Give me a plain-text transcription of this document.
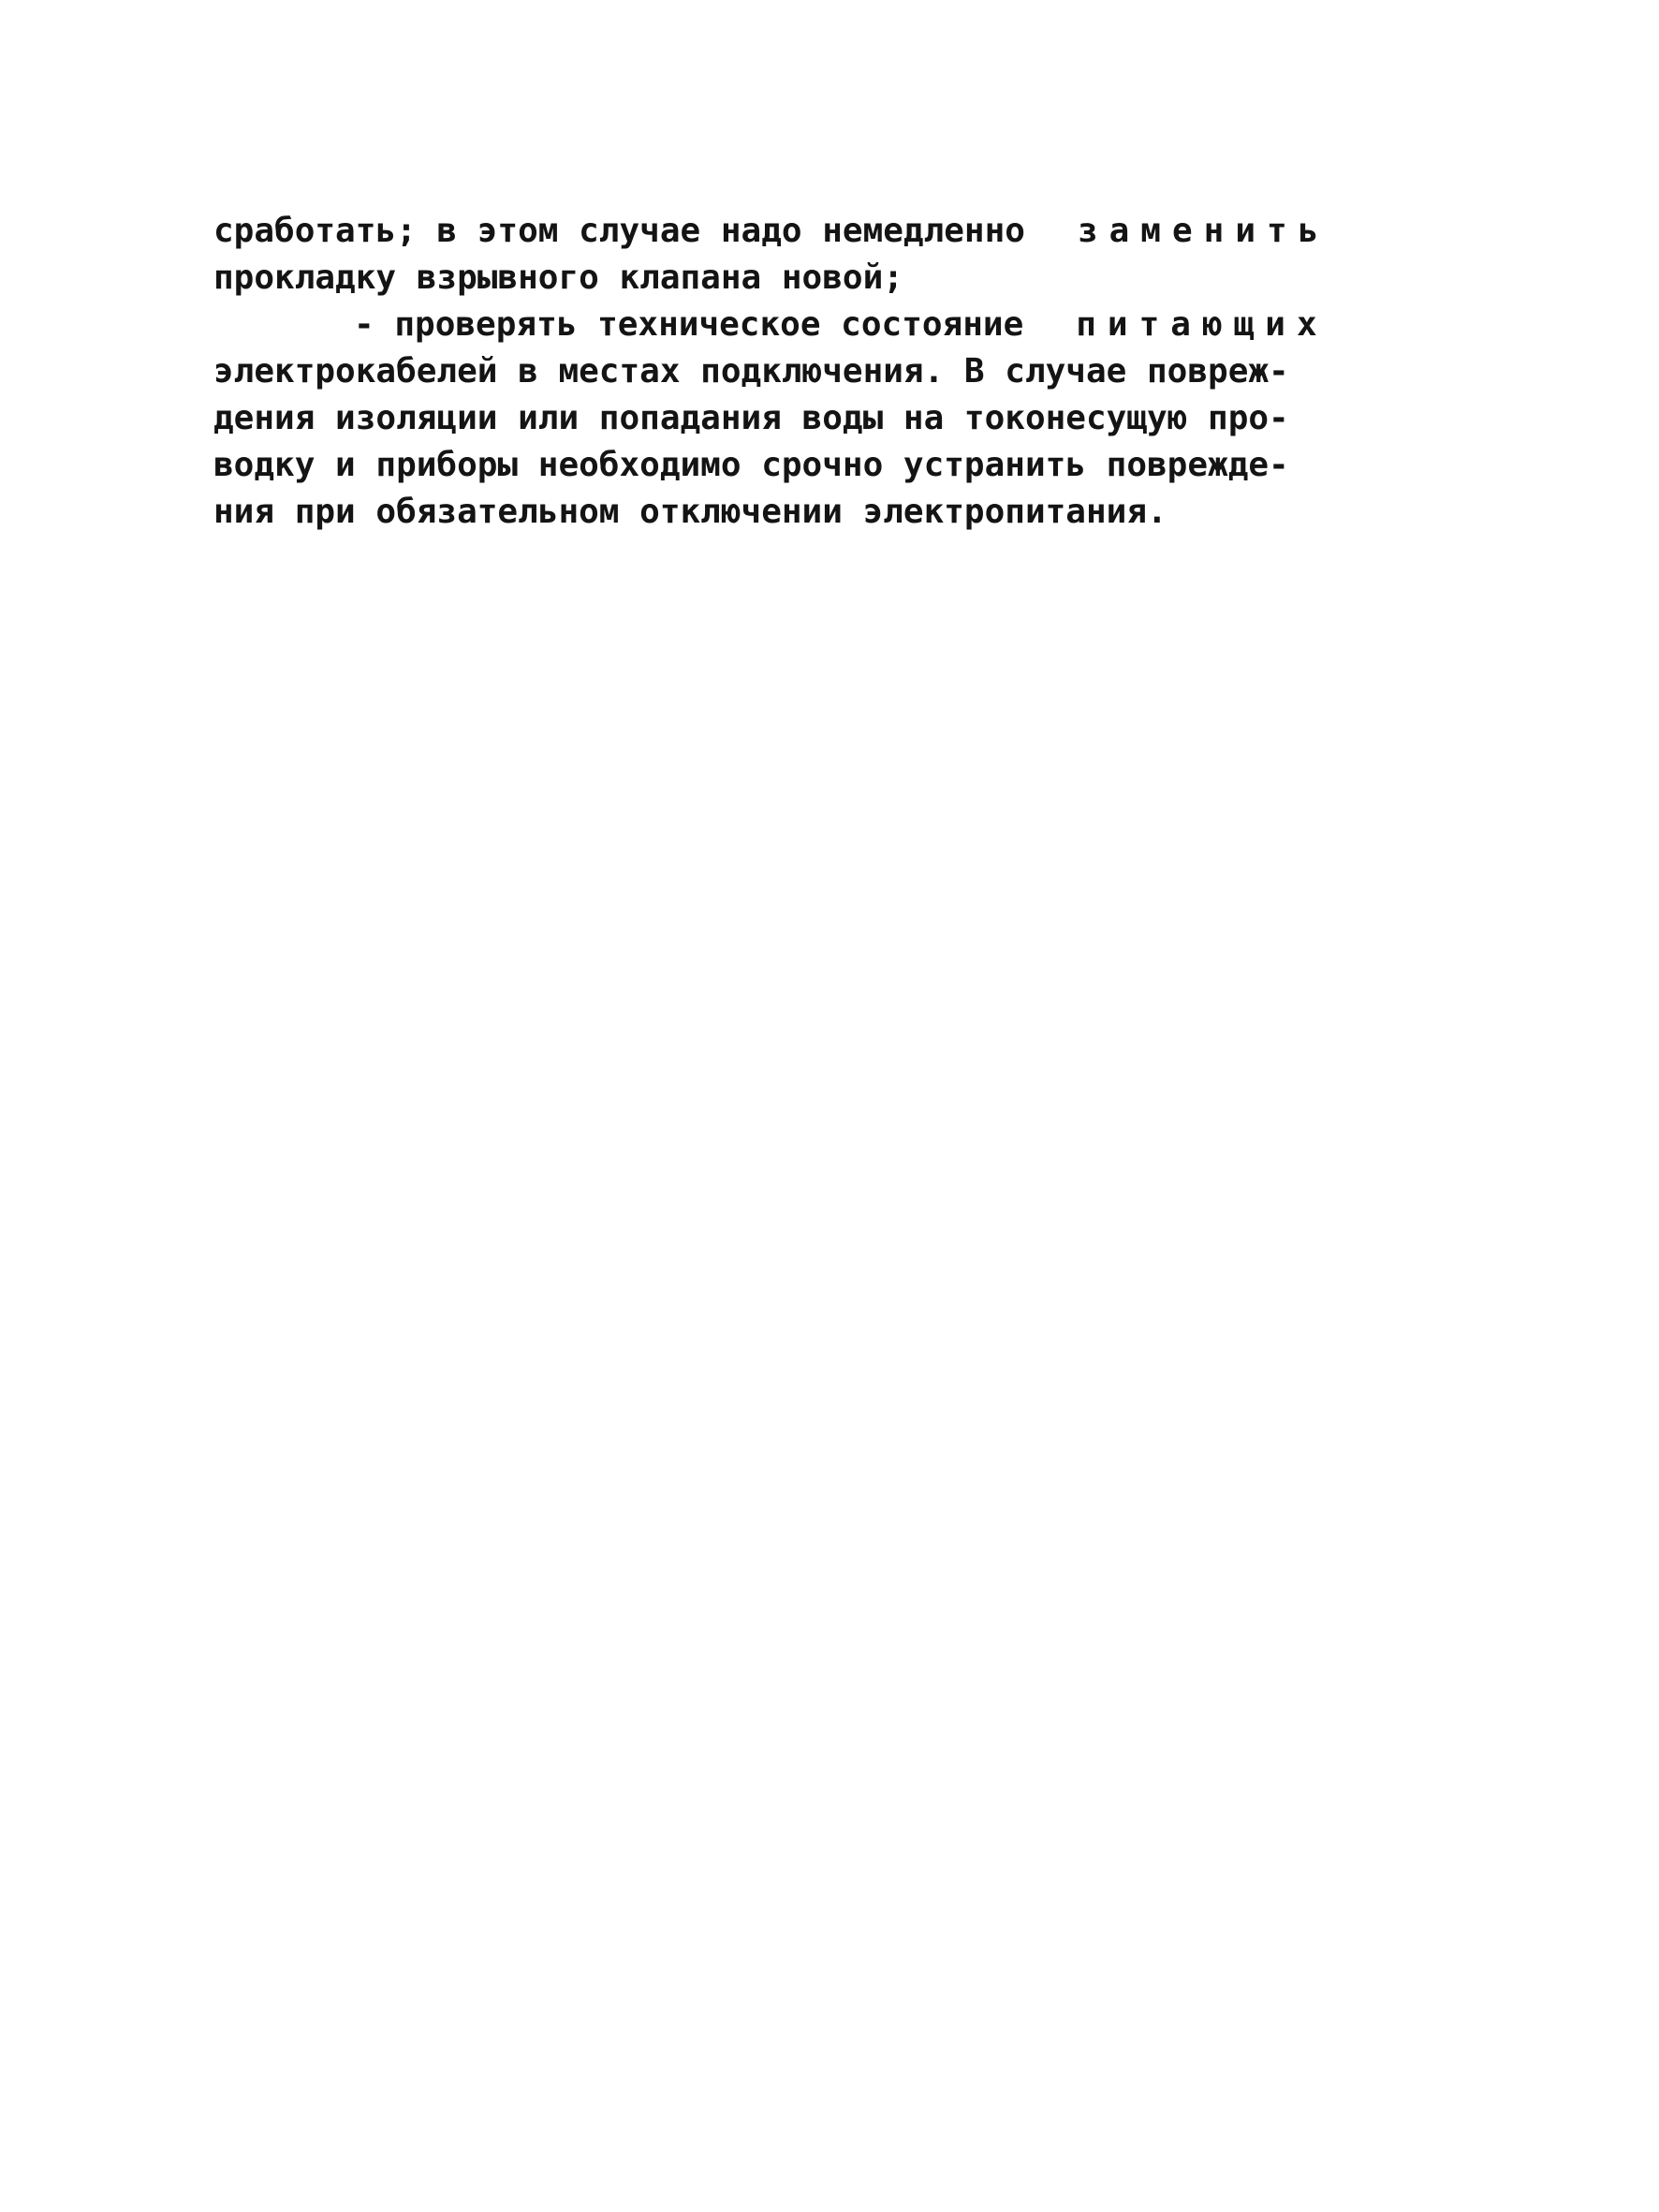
сработать; в этом случае надо немедленно заменить
прокладку взрывного клапана новой;
- проверять техническое состояние питающих
электрокабелей в местах подключения. В случае повреж-
дения изоляции или попадания воды на токонесущую про-
водку и приборы необходимо срочно устранить поврежде-
ния при обязательном отключении электропитания.
